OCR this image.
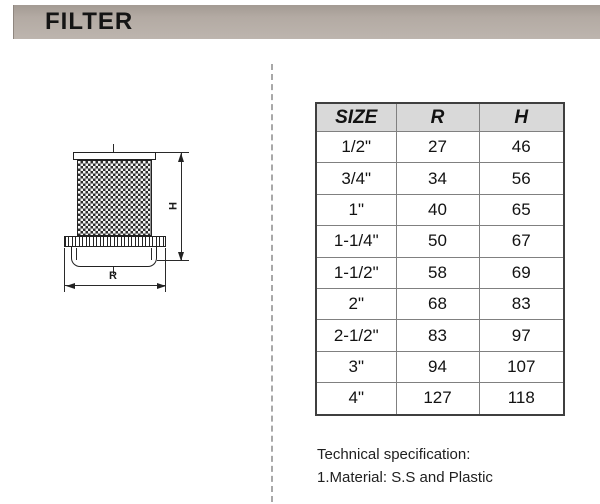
FILTER
H
R
SIZE	R	H
1/2"	27	46
3/4"	34	56
1"	40	65
1-1/4"	50	67
1-1/2"	58	69
2"	68	83
2-1/2"	83	97
3"	94	107
4"	127	118
Technical specification:
1.Material: S.S and Plastic
